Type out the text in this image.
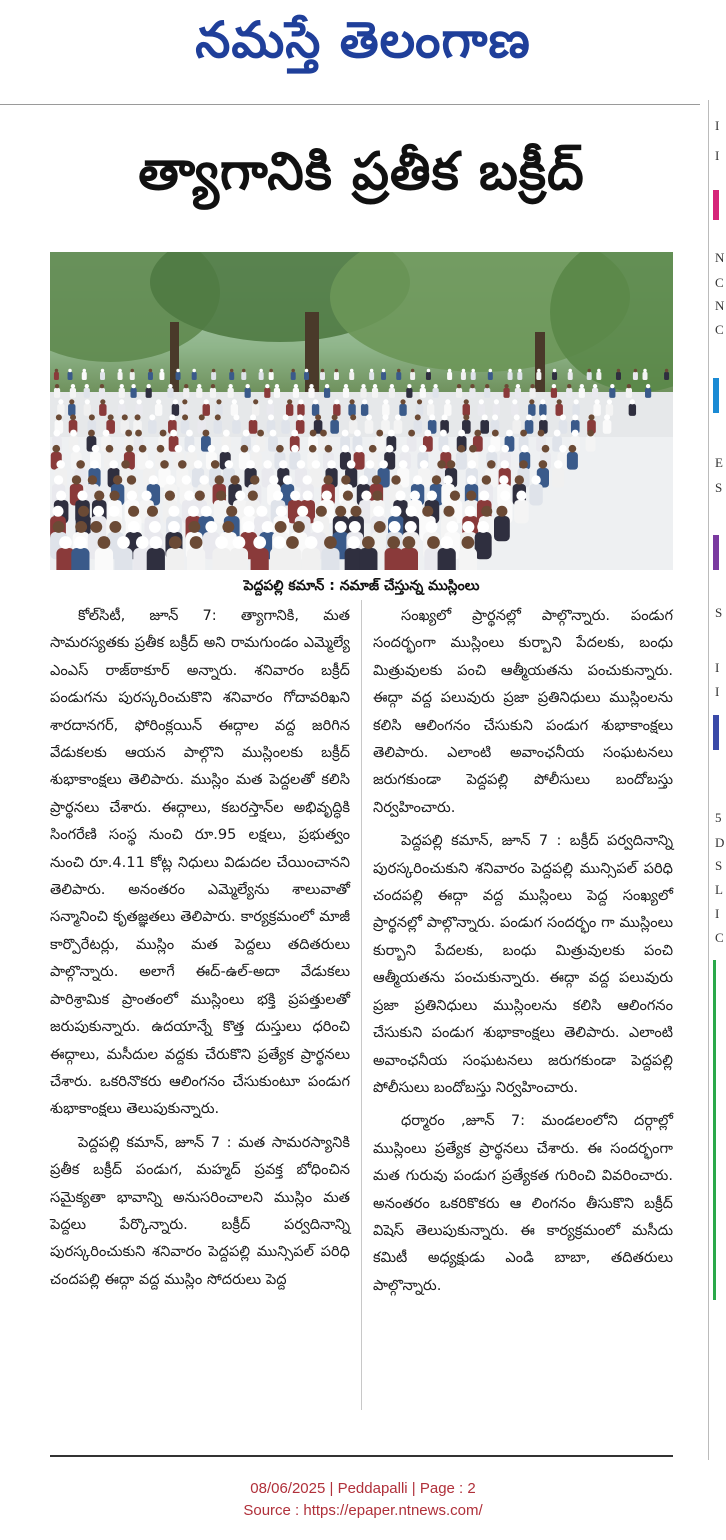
నమస్తే తెలంగాణ
I
I
N
C
N
C
E
S
S
I
I
5
D
S
L
I
C
త్యాగానికి ప్రతీక బక్రీద్
పెద్దపల్లి కమాన్ : నమాజ్ చేస్తున్న ముస్లింలు

కోల్‌సిటీ, జూన్ 7: త్యాగానికి, మత సామరస్యతకు ప్రతీక బక్రీద్ అని రామగుండం ఎమ్మెల్యే ఎంఎస్ రాజ్‌ఠాకూర్ అన్నారు. శనివారం బక్రీద్ పండుగను పురస్కరించుకొని శనివారం గోదావరిఖని శారదానగర్, ఫోరింక్లయిన్ ఈద్గాల వద్ద జరిగిన వేడుకలకు ఆయన పాల్గొని ముస్లింలకు బక్రీద్ శుభాకాంక్షలు తెలిపారు. ముస్లిం మత పెద్దలతో కలిసి ప్రార్థనలు చేశారు. ఈద్గాలు, కబరస్తాన్‌ల అభివృద్ధికి సింగరేణి సంస్థ నుంచి రూ.95 లక్షలు, ప్రభుత్వం నుంచి రూ.4.11 కోట్ల నిధులు విడుదల చేయించానని తెలిపారు. అనంతరం ఎమ్మెల్యేను శాలువాతో సన్మానించి కృతజ్ఞతలు తెలిపారు. కార్యక్రమంలో మాజీ కార్పొరేటర్లు, ముస్లిం మత పెద్దలు తదితరులు పాల్గొన్నారు. అలాగే ఈద్-ఉల్-అదా వేడుకలు పారిశ్రామిక ప్రాంతంలో ముస్లింలు భక్తి ప్రపత్తులతో జరుపుకున్నారు. ఉదయాన్నే కొత్త దుస్తులు ధరించి ఈద్గాలు, మసీదుల వద్దకు చేరుకొని ప్రత్యేక ప్రార్థనలు చేశారు. ఒకరినొకరు ఆలింగనం చేసుకుంటూ పండుగ శుభాకాంక్షలు తెలుపుకున్నారు.

పెద్దపల్లి కమాన్, జూన్ 7 : మత సామరస్యానికి ప్రతీక బక్రీద్ పండుగ, మహ్మద్ ప్రవక్త బోధించిన సమైక్యతా భావాన్ని అనుసరించాలని ముస్లిం మత పెద్దలు పేర్కొన్నారు. బక్రీద్ పర్వదినాన్ని పురస్కరించుకుని శనివారం పెద్దపల్లి మున్సిపల్ పరిధి చందపల్లి ఈద్గా వద్ద ముస్లిం సోదరులు పెద్ద

సంఖ్యలో ప్రార్థనల్లో పాల్గొన్నారు. పండుగ సందర్భంగా ముస్లింలు కుర్బాని పేదలకు, బంధు మిత్రువులకు పంచి ఆత్మీయతను పంచుకున్నారు. ఈద్గా వద్ద పలువురు ప్రజా ప్రతినిధులు ముస్లింలను కలిసి ఆలింగనం చేసుకుని పండుగ శుభాకాంక్షలు తెలిపారు. ఎలాంటి అవాంఛనీయ సంఘటనలు జరుగకుండా పెద్దపల్లి పోలీసులు బందోబస్తు నిర్వహించారు.

పెద్దపల్లి కమాన్, జూన్ 7 : బక్రీద్ పర్వదినాన్ని పురస్కరించుకుని శనివారం పెద్దపల్లి మున్సిపల్ పరిధి చందపల్లి ఈద్గా వద్ద ముస్లింలు పెద్ద సంఖ్యలో ప్రార్థనల్లో పాల్గొన్నారు. పండుగ సందర్భం గా ముస్లింలు కుర్బాని పేదలకు, బంధు మిత్రువులకు పంచి ఆత్మీయతను పంచుకున్నారు. ఈద్గా వద్ద పలువురు ప్రజా ప్రతినిధులు ముస్లింలను కలిసి ఆలింగనం చేసుకుని పండుగ శుభాకాంక్షలు తెలిపారు. ఎలాంటి అవాంఛనీయ సంఘటనలు జరుగకుండా పెద్దపల్లి పోలీసులు బందోబస్తు నిర్వహించారు.

ధర్మారం ,జూన్ 7: మండలంలోని దర్గాల్లో ముస్లింలు ప్రత్యేక ప్రార్థనలు చేశారు. ఈ సందర్భంగా మత గురువు పండుగ ప్రత్యేకత గురించి వివరించారు. అనంతరం ఒకరికొకరు ఆ లింగనం తీసుకొని బక్రీద్ విషెస్ తెలుపుకున్నారు. ఈ కార్యక్రమంలో మసీదు కమిటీ అధ్యక్షుడు ఎండి బాబా, తదితరులు పాల్గొన్నారు.

08/06/2025 | Peddapalli | Page : 2
Source : https://epaper.ntnews.com/
